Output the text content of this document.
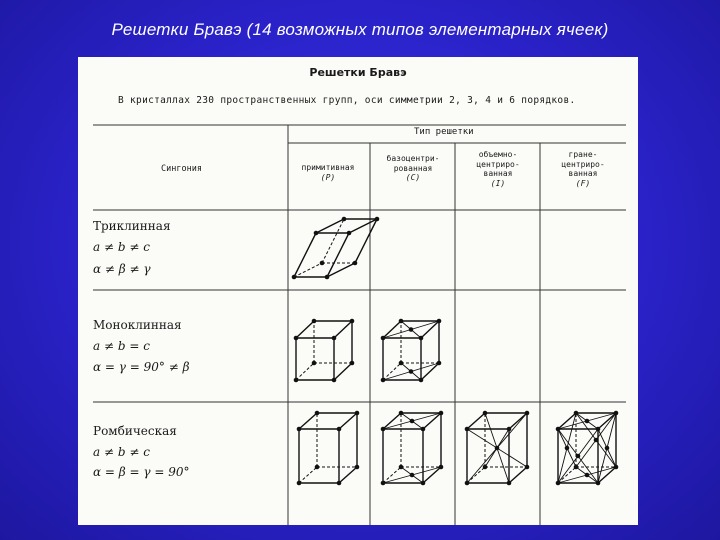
Решетки Бравэ (14 возможных типов элементарных ячеек)
Решетки Бравэ
В кристаллах 230 пространственных групп, оси симметрии 2, 3, 4 и 6 порядков.
Тип решетки
Сингония	примитивная
(P)
базоцентри-
рованная
(C)
объемно-
центриро-
ванная
(I)
гране-
центриро-
ванная
(F)
Триклинная
a ≠ b ≠ c
α ≠ β ≠ γ
Моноклинная
a ≠ b = c
α = γ = 90° ≠ β
Ромбическая
a ≠ b ≠ c
α = β = γ = 90°
